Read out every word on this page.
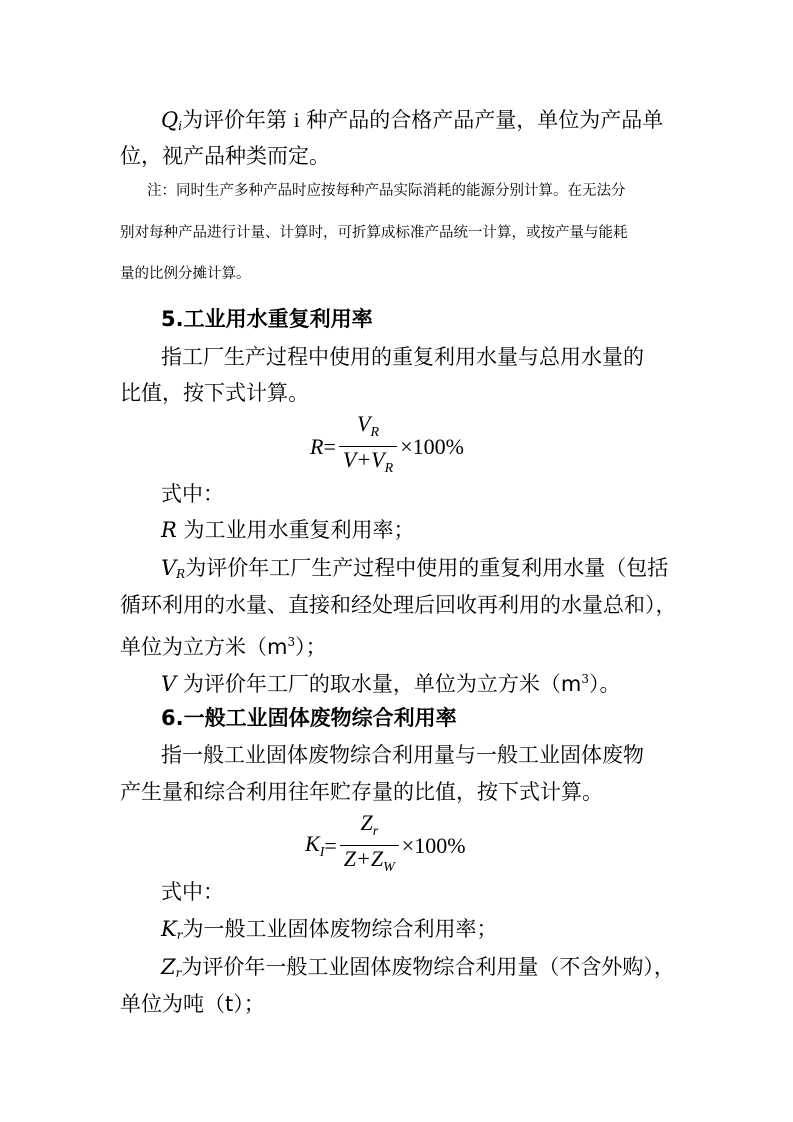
$Q_i$为评价年第 i 种产品的合格产品产量，单位为产品单
位，视产品种类而定。
注：同时生产多种产品时应按每种产品实际消耗的能源分别计算。在无法分
别对每种产品进行计量、计算时，可折算成标准产品统一计算，或按产量与能耗
量的比例分摊计算。
5.工业用水重复利用率
指工厂生产过程中使用的重复利用水量与总用水量的
比值，按下式计算。
$R = \frac{V_R}{V+V_R} \times 100\%$
式中：
R 为工业用水重复利用率；
$V_R$为评价年工厂生产过程中使用的重复利用水量（包括
循环利用的水量、直接和经处理后回收再利用的水量总和），
单位为立方米$(m^3)$；
V 为评价年工厂的取水量，单位为立方米$(m^3)$。
6.一般工业固体废物综合利用率
指一般工业固体废物综合利用量与一般工业固体废物
产生量和综合利用往年贮存量的比值，按下式计算。
$K_I = \frac{Z_r}{Z+Z_W} \times 100\%$
式中：
$K_r$为一般工业固体废物综合利用率；
$Z_r$为评价年一般工业固体废物综合利用量（不含外购），
单位为吨（t）；
